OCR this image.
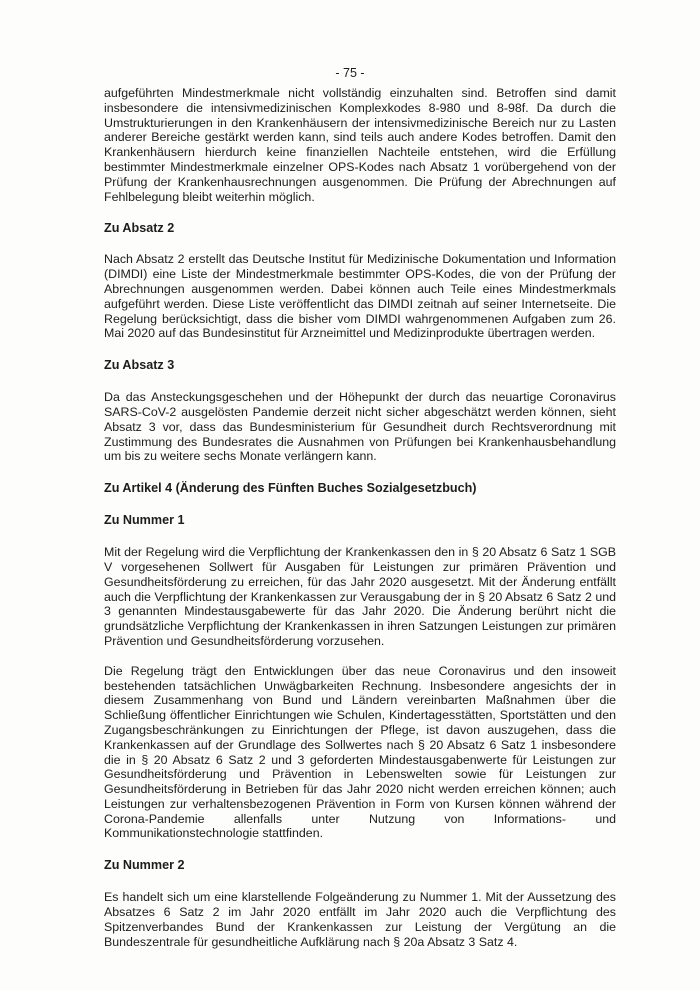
- 75 -

aufgeführten Mindestmerkmale nicht vollständig einzuhalten sind. Betroffen sind damit insbesondere die intensivmedizinischen Komplexkodes 8-980 und 8-98f. Da durch die Umstrukturierungen in den Krankenhäusern der intensivmedizinische Bereich nur zu Lasten anderer Bereiche gestärkt werden kann, sind teils auch andere Kodes betroffen. Damit den Krankenhäusern hierdurch keine finanziellen Nachteile entstehen, wird die Erfüllung bestimmter Mindestmerkmale einzelner OPS-Kodes nach Absatz 1 vorübergehend von der Prüfung der Krankenhausrechnungen ausgenommen. Die Prüfung der Abrechnungen auf Fehlbelegung bleibt weiterhin möglich.

Zu Absatz 2

Nach Absatz 2 erstellt das Deutsche Institut für Medizinische Dokumentation und Information (DIMDI) eine Liste der Mindestmerkmale bestimmter OPS-Kodes, die von der Prüfung der Abrechnungen ausgenommen werden. Dabei können auch Teile eines Mindestmerkmals aufgeführt werden. Diese Liste veröffentlicht das DIMDI zeitnah auf seiner Internetseite. Die Regelung berücksichtigt, dass die bisher vom DIMDI wahrgenommenen Aufgaben zum 26. Mai 2020 auf das Bundesinstitut für Arzneimittel und Medizinprodukte übertragen werden.

Zu Absatz 3

Da das Ansteckungsgeschehen und der Höhepunkt der durch das neuartige Coronavirus SARS-CoV-2 ausgelösten Pandemie derzeit nicht sicher abgeschätzt werden können, sieht Absatz 3 vor, dass das Bundesministerium für Gesundheit durch Rechtsverordnung mit Zustimmung des Bundesrates die Ausnahmen von Prüfungen bei Krankenhausbehandlung um bis zu weitere sechs Monate verlängern kann.

Zu Artikel 4 (Änderung des Fünften Buches Sozialgesetzbuch)
Zu Nummer 1

Mit der Regelung wird die Verpflichtung der Krankenkassen den in § 20 Absatz 6 Satz 1 SGB V vorgesehenen Sollwert für Ausgaben für Leistungen zur primären Prävention und Gesundheitsförderung zu erreichen, für das Jahr 2020 ausgesetzt. Mit der Änderung entfällt auch die Verpflichtung der Krankenkassen zur Verausgabung der in § 20 Absatz 6 Satz 2 und 3 genannten Mindestausgabewerte für das Jahr 2020. Die Änderung berührt nicht die grundsätzliche Verpflichtung der Krankenkassen in ihren Satzungen Leistungen zur primären Prävention und Gesundheitsförderung vorzusehen.

Die Regelung trägt den Entwicklungen über das neue Coronavirus und den insoweit bestehenden tatsächlichen Unwägbarkeiten Rechnung. Insbesondere angesichts der in diesem Zusammenhang von Bund und Ländern vereinbarten Maßnahmen über die Schließung öffentlicher Einrichtungen wie Schulen, Kindertagesstätten, Sportstätten und den Zugangsbeschränkungen zu Einrichtungen der Pflege, ist davon auszugehen, dass die Krankenkassen auf der Grundlage des Sollwertes nach § 20 Absatz 6 Satz 1 insbesondere die in § 20 Absatz 6 Satz 2 und 3 geforderten Mindestausgabenwerte für Leistungen zur Gesundheitsförderung und Prävention in Lebenswelten sowie für Leistungen zur Gesundheitsförderung in Betrieben für das Jahr 2020 nicht werden erreichen können; auch Leistungen zur verhaltensbezogenen Prävention in Form von Kursen können während der Corona-Pandemie allenfalls unter Nutzung von Informations- und Kommunikationstechnologie stattfinden.

Zu Nummer 2

Es handelt sich um eine klarstellende Folgeänderung zu Nummer 1. Mit der Aussetzung des Absatzes 6 Satz 2 im Jahr 2020 entfällt im Jahr 2020 auch die Verpflichtung des Spitzenverbandes Bund der Krankenkassen zur Leistung der Vergütung an die Bundeszentrale für gesundheitliche Aufklärung nach § 20a Absatz 3 Satz 4.
